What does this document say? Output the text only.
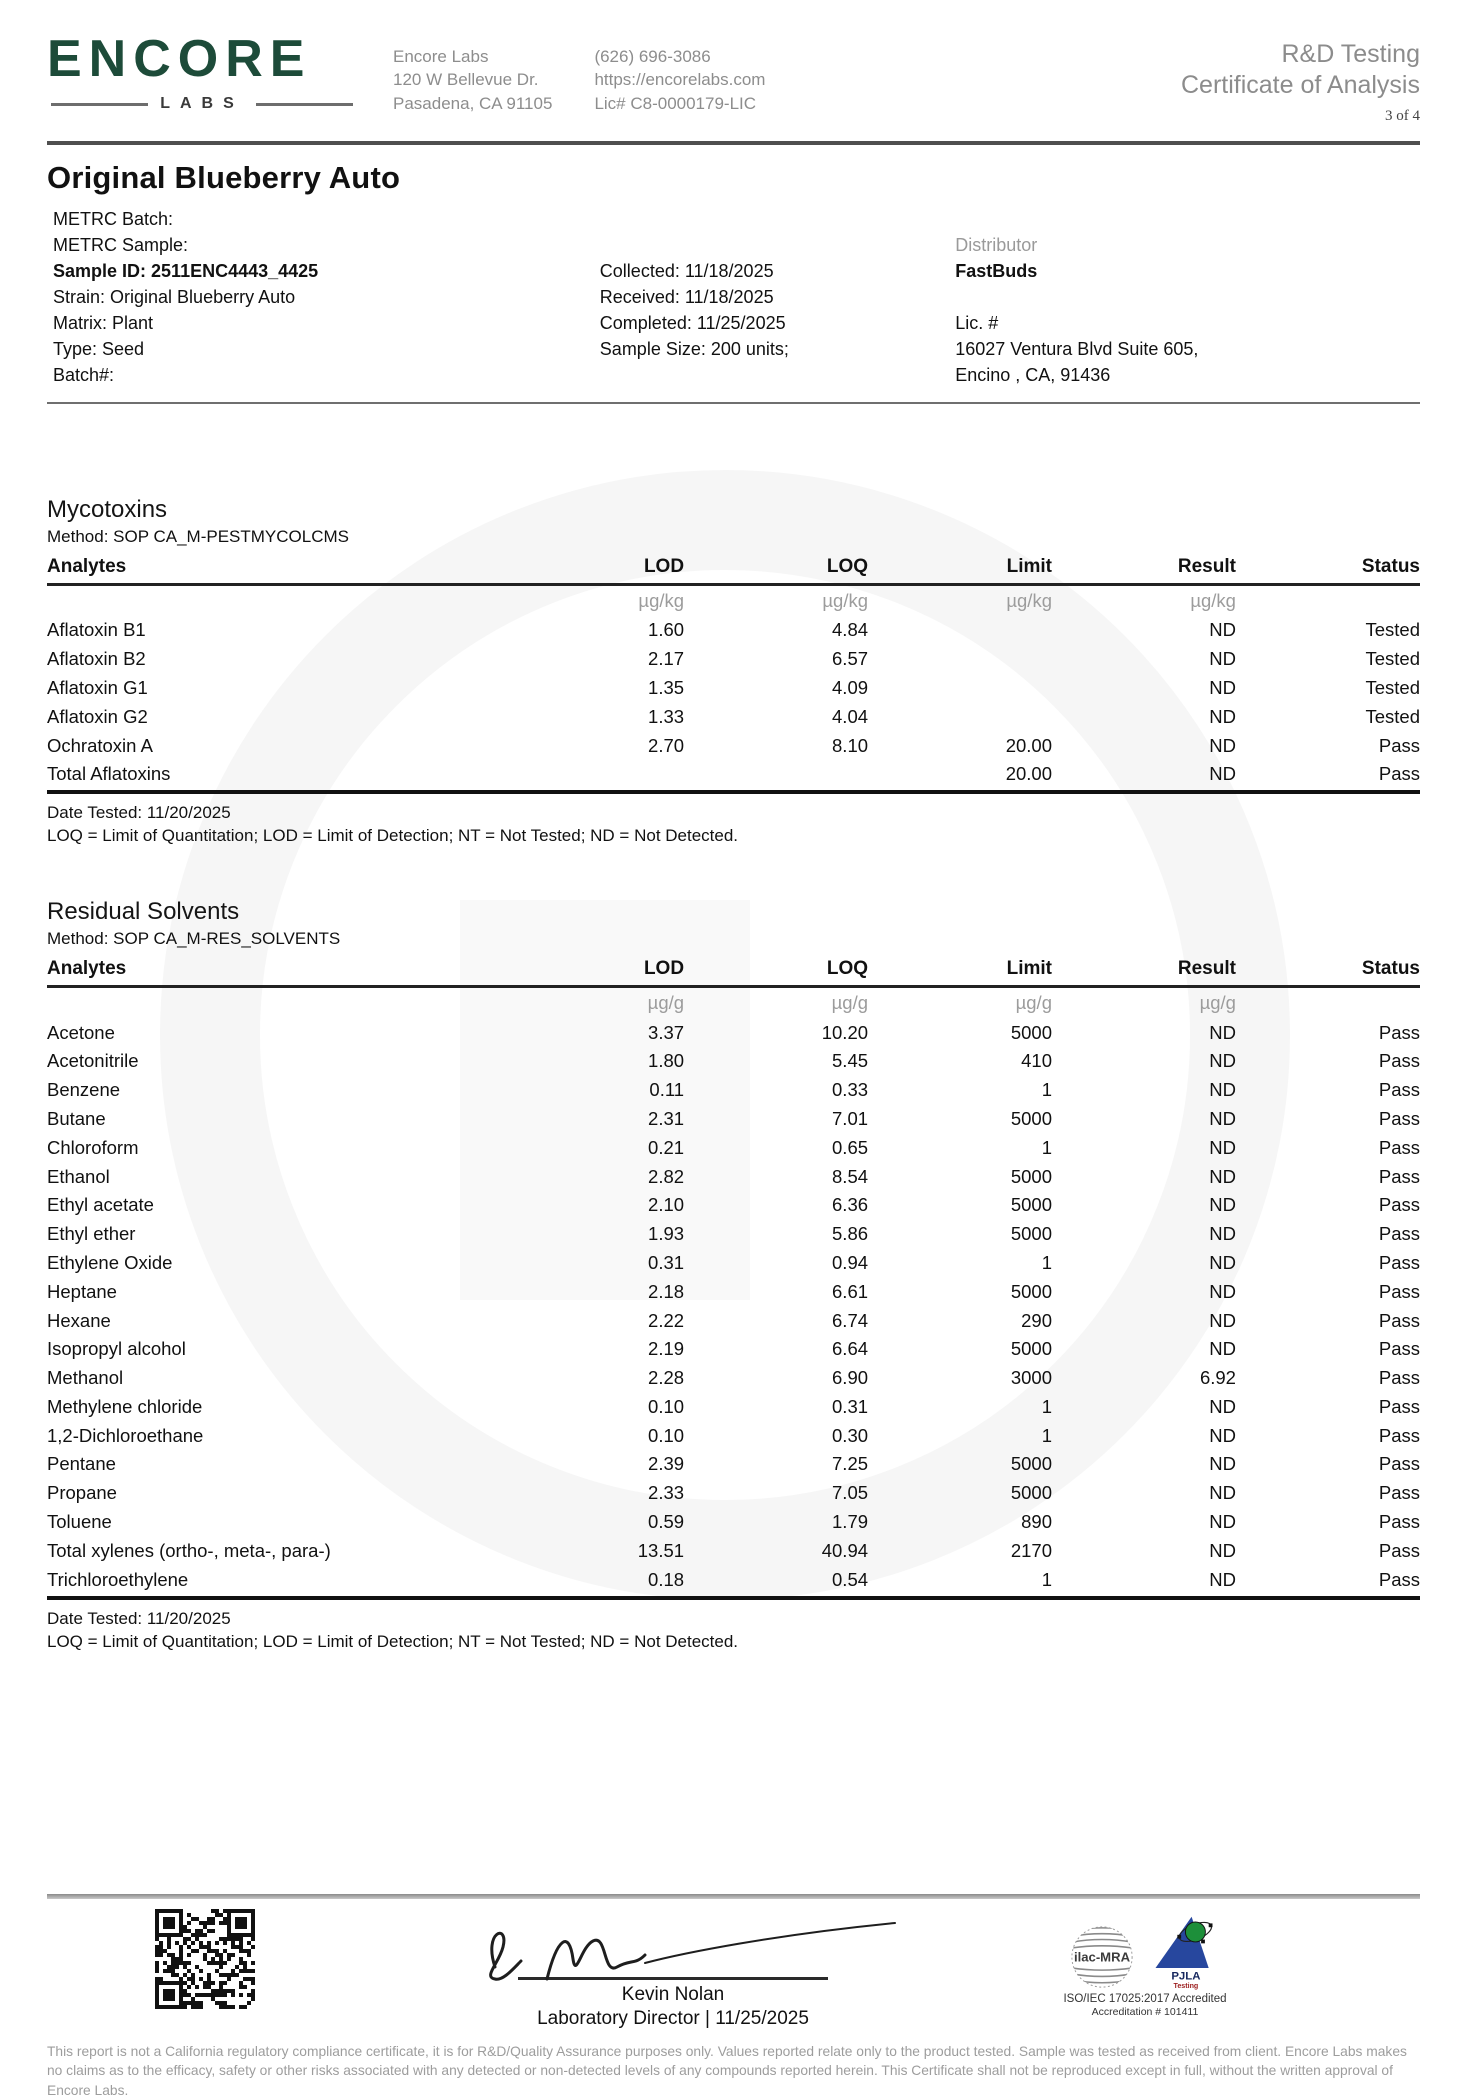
ENCORE
LABS
Encore Labs
120 W Bellevue Dr.
Pasadena, CA 91105
(626) 696-3086
https://encorelabs.com
Lic# C8-0000179-LIC
R&D Testing
Certificate of Analysis
3 of 4
Original Blueberry Auto
METRC Batch:
METRC Sample:
Sample ID: 2511ENC4443_4425
Strain: Original Blueberry Auto
Matrix: Plant
Type: Seed
Batch#:
Collected: 11/18/2025
Received: 11/18/2025
Completed: 11/25/2025
Sample Size: 200 units;
Distributor
FastBuds
Lic. #
16027 Ventura Blvd Suite 605,
Encino , CA, 91436
Mycotoxins
Method: SOP CA_M-PESTMYCOLCMS
Analytes	LOD	LOQ	Limit	Result	Status
	µg/kg	µg/kg	µg/kg	µg/kg	
Aflatoxin B1	1.60	4.84		ND	Tested
Aflatoxin B2	2.17	6.57		ND	Tested
Aflatoxin G1	1.35	4.09		ND	Tested
Aflatoxin G2	1.33	4.04		ND	Tested
Ochratoxin A	2.70	8.10	20.00	ND	Pass
Total Aflatoxins			20.00	ND	Pass
Date Tested: 11/20/2025
LOQ = Limit of Quantitation; LOD = Limit of Detection; NT = Not Tested; ND = Not Detected.
Residual Solvents
Method: SOP CA_M-RES_SOLVENTS
Analytes	LOD	LOQ	Limit	Result	Status
	µg/g	µg/g	µg/g	µg/g	
Acetone	3.37	10.20	5000	ND	Pass
Acetonitrile	1.80	5.45	410	ND	Pass
Benzene	0.11	0.33	1	ND	Pass
Butane	2.31	7.01	5000	ND	Pass
Chloroform	0.21	0.65	1	ND	Pass
Ethanol	2.82	8.54	5000	ND	Pass
Ethyl acetate	2.10	6.36	5000	ND	Pass
Ethyl ether	1.93	5.86	5000	ND	Pass
Ethylene Oxide	0.31	0.94	1	ND	Pass
Heptane	2.18	6.61	5000	ND	Pass
Hexane	2.22	6.74	290	ND	Pass
Isopropyl alcohol	2.19	6.64	5000	ND	Pass
Methanol	2.28	6.90	3000	6.92	Pass
Methylene chloride	0.10	0.31	1	ND	Pass
1,2-Dichloroethane	0.10	0.30	1	ND	Pass
Pentane	2.39	7.25	5000	ND	Pass
Propane	2.33	7.05	5000	ND	Pass
Toluene	0.59	1.79	890	ND	Pass
Total xylenes (ortho-, meta-, para-)	13.51	40.94	2170	ND	Pass
Trichloroethylene	0.18	0.54	1	ND	Pass
Date Tested: 11/20/2025
LOQ = Limit of Quantitation; LOD = Limit of Detection; NT = Not Tested; ND = Not Detected.
Kevin Nolan
Laboratory Director | 11/25/2025
ilac-MRA
PJLA
Testing
ISO/IEC 17025:2017 Accredited
Accreditation # 101411
This report is not a California regulatory compliance certificate, it is for R&D/Quality Assurance purposes only. Values reported relate only to the product tested. Sample was tested as received from client. Encore Labs makes no claims as to the efficacy, safety or other risks associated with any detected or non-detected levels of any compounds reported herein. This Certificate shall not be reproduced except in full, without the written approval of Encore Labs.
